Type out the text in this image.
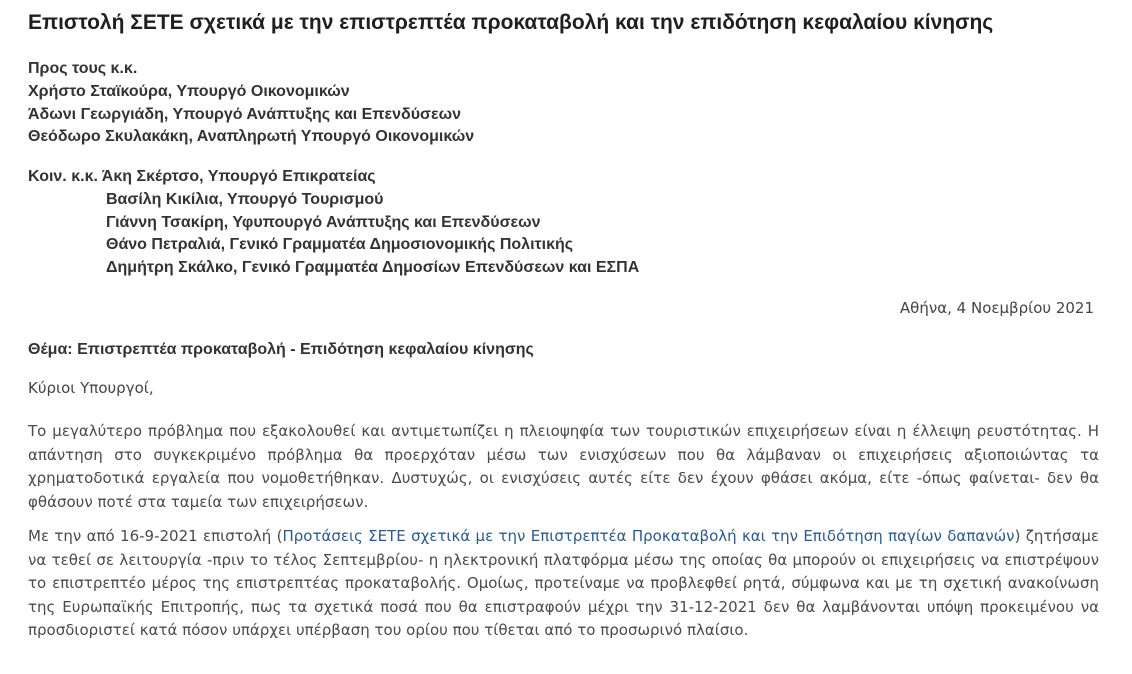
Επιστολή ΣΕΤΕ σχετικά με την επιστρεπτέα προκαταβολή και την επιδότηση κεφαλαίου κίνησης
Προς τους κ.κ.
Χρήστο Σταϊκούρα, Υπουργό Οικονομικών
Άδωνι Γεωργιάδη, Υπουργό Ανάπτυξης και Επενδύσεων
Θεόδωρο Σκυλακάκη, Αναπληρωτή Υπουργό Οικονομικών
Κοιν. κ.κ. Άκη Σκέρτσο, Υπουργό Επικρατείας
Βασίλη Κικίλια, Υπουργό Τουρισμού
Γιάννη Τσακίρη, Υφυπουργό Ανάπτυξης και Επενδύσεων
Θάνο Πετραλιά, Γενικό Γραμματέα Δημοσιονομικής Πολιτικής
Δημήτρη Σκάλκο, Γενικό Γραμματέα Δημοσίων Επενδύσεων και ΕΣΠΑ
Αθήνα, 4 Νοεμβρίου 2021
Θέμα: Επιστρεπτέα προκαταβολή - Επιδότηση κεφαλαίου κίνησης
Κύριοι Υπουργοί,

Το μεγαλύτερο πρόβλημα που εξακολουθεί και αντιμετωπίζει η πλειοψηφία των τουριστικών επιχειρήσεων είναι η έλλειψη ρευστότητας. Η απάντηση στο συγκεκριμένο πρόβλημα θα προερχόταν μέσω των ενισχύσεων που θα λάμβαναν οι επιχειρήσεις αξιοποιώντας τα χρηματοδοτικά εργαλεία που νομοθετήθηκαν. Δυστυχώς, οι ενισχύσεις αυτές είτε δεν έχουν φθάσει ακόμα, είτε -όπως φαίνεται- δεν θα φθάσουν ποτέ στα ταμεία των επιχειρήσεων.

Με την από 16-9-2021 επιστολή (Προτάσεις ΣΕΤΕ σχετικά με την Επιστρεπτέα Προκαταβολή και την Επιδότηση παγίων δαπανών) ζητήσαμε να τεθεί σε λειτουργία -πριν το τέλος Σεπτεμβρίου- η ηλεκτρονική πλατφόρμα μέσω της οποίας θα μπορούν οι επιχειρήσεις να επιστρέψουν το επιστρεπτέο μέρος της επιστρεπτέας προκαταβολής. Ομοίως, προτείναμε να προβλεφθεί ρητά, σύμφωνα και με τη σχετική ανακοίνωση της Ευρωπαϊκής Επιτροπής, πως τα σχετικά ποσά που θα επιστραφούν μέχρι την 31-12-2021 δεν θα λαμβάνονται υπόψη προκειμένου να προσδιοριστεί κατά πόσον υπάρχει υπέρβαση του ορίου που τίθεται από το προσωρινό πλαίσιο.
